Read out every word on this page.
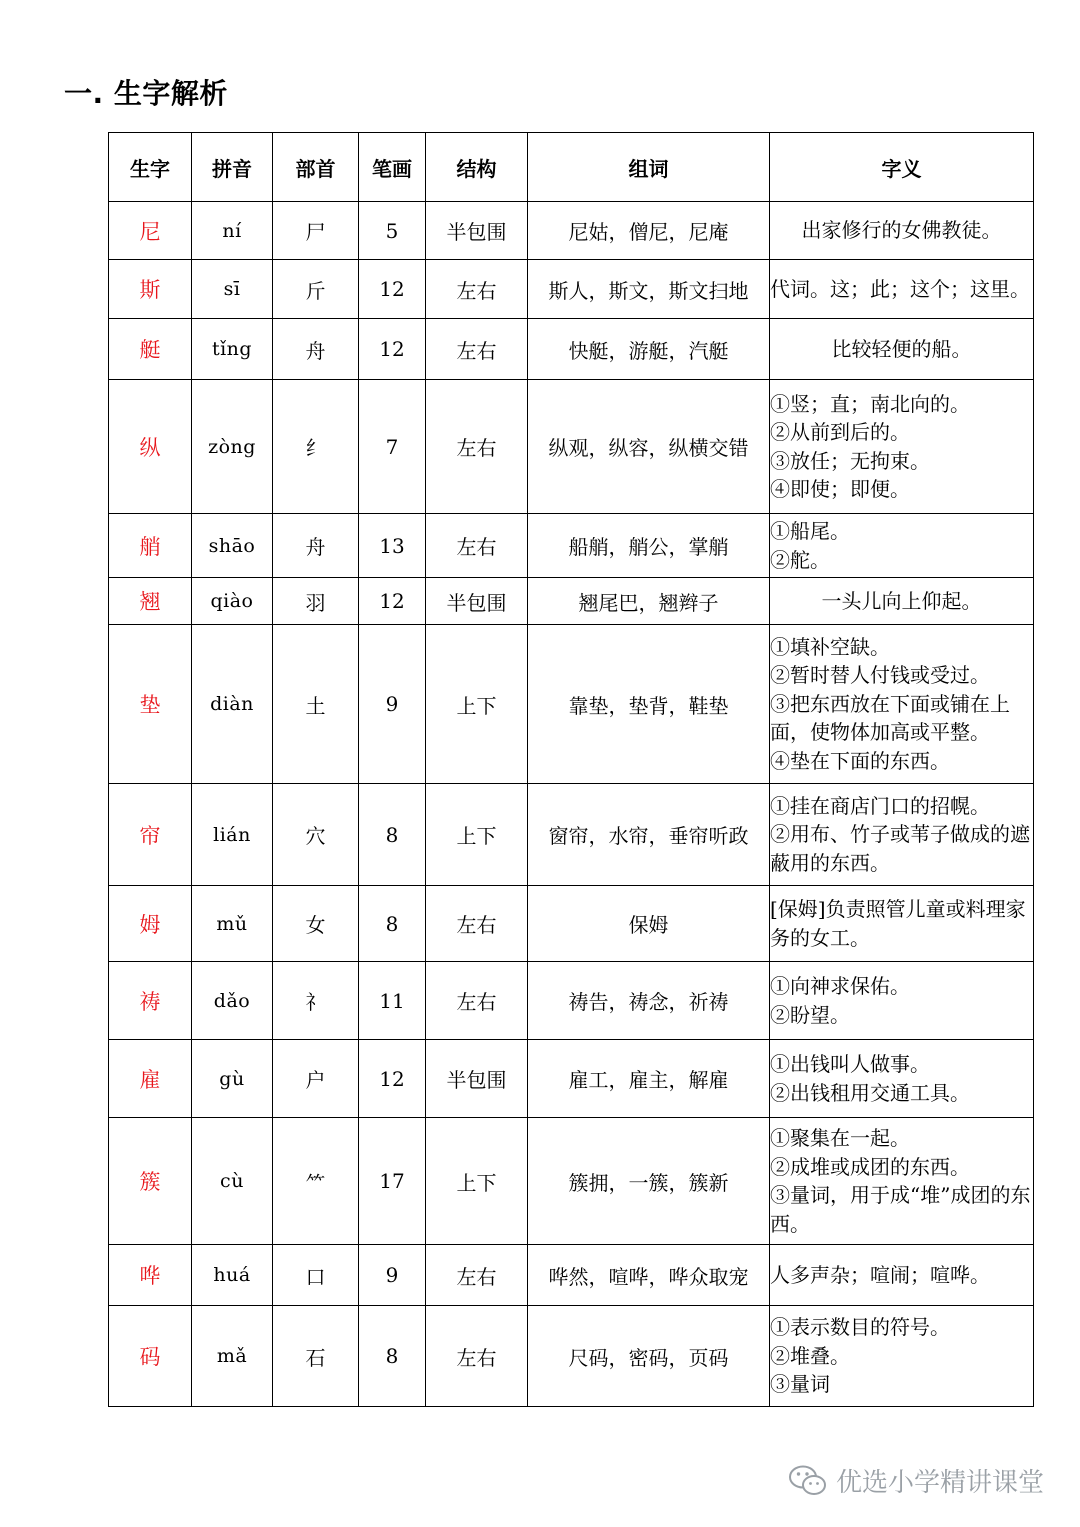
一. 生字解析
生字	拼音	部首	笔画	结构	组词	字义
尼	ní	尸	5	半包围	尼姑，僧尼，尼庵	出家修行的女佛教徒。
斯	sī	斤	12	左右	斯人，斯文，斯文扫地	代词。这；此；这个；这里。
艇	tǐng	舟	12	左右	快艇，游艇，汽艇	比较轻便的船。
纵	zòng	纟	7	左右	纵观，纵容，纵横交错	①竖；直；南北向的。
②从前到后的。
③放任；无拘束。
④即使；即便。
艄	shāo	舟	13	左右	船艄，艄公，掌艄	①船尾。
②舵。
翘	qiào	羽	12	半包围	翘尾巴，翘辫子	一头儿向上仰起。
垫	diàn	土	9	上下	靠垫，垫背，鞋垫	①填补空缺。
②暂时替人付钱或受过。
③把东西放在下面或铺在上面，使物体加高或平整。
④垫在下面的东西。
帘	lián	穴	8	上下	窗帘，水帘，垂帘听政	①挂在商店门口的招幌。
②用布、竹子或苇子做成的遮蔽用的东西。
姆	mǔ	女	8	左右	保姆	[保姆]负责照管儿童或料理家务的女工。
祷	dǎo	礻	11	左右	祷告，祷念，祈祷	①向神求保佑。
②盼望。
雇	gù	户	12	半包围	雇工，雇主，解雇	①出钱叫人做事。
②出钱租用交通工具。
簇	cù	⺮	17	上下	簇拥，一簇，簇新	①聚集在一起。
②成堆或成团的东西。
③量词，用于成“堆”成团的东西。
哗	huá	口	9	左右	哗然，喧哗，哗众取宠	人多声杂；喧闹；喧哗。
码	mǎ	石	8	左右	尺码，密码，页码	①表示数目的符号。
②堆叠。
③量词
优选小学精讲课堂
